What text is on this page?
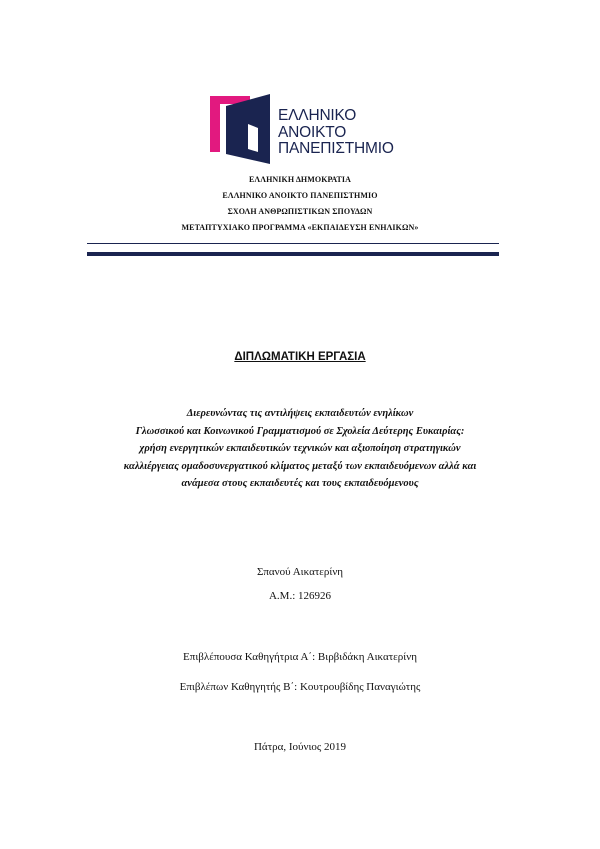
ΕΛΛΗΝΙΚΟ
ΑΝΟΙΚΤΟ
ΠΑΝΕΠΙΣΤΗΜΙΟ
ΕΛΛΗΝΙΚΗ ΔΗΜΟΚΡΑΤΙΑ
ΕΛΛΗΝΙΚΟ ΑΝΟΙΚΤΟ ΠΑΝΕΠΙΣΤΗΜΙΟ
ΣΧΟΛΗ ΑΝΘΡΩΠΙΣΤΙΚΩΝ ΣΠΟΥΔΩΝ
ΜΕΤΑΠΤΥΧΙΑΚΟ ΠΡΟΓΡΑΜΜΑ «ΕΚΠΑΙΔΕΥΣΗ ΕΝΗΛΙΚΩΝ»
ΔΙΠΛΩΜΑΤΙΚΗ ΕΡΓΑΣΙΑ
Διερευνώντας τις αντιλήψεις εκπαιδευτών ενηλίκων
Γλωσσικού και Κοινωνικού Γραμματισμού σε Σχολεία Δεύτερης Ευκαιρίας:
χρήση ενεργητικών εκπαιδευτικών τεχνικών και αξιοποίηση στρατηγικών
καλλιέργειας ομαδοσυνεργατικού κλίματος μεταξύ των εκπαιδευόμενων αλλά και
ανάμεσα στους εκπαιδευτές και τους εκπαιδευόμενους
Σπανού Αικατερίνη
Α.Μ.: 126926
Επιβλέπουσα Καθηγήτρια Α΄: Βιρβιδάκη Αικατερίνη
Επιβλέπων Καθηγητής Β΄: Κουτρουβίδης Παναγιώτης
Πάτρα, Ιούνιος 2019
